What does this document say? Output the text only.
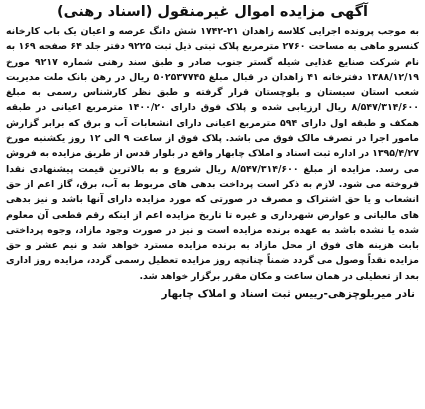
آگهی مزایده اموال غیرمنقول (اسناد رهنی)

به موجب پرونده اجرایی کلاسه زاهدان ۲۱-۱۷۴۲ شش دانگ عرصه و اعیان یک باب کارخانه کنسرو ماهی به مساحت ۲۷۶۰ مترمربع پلاک ثبتی ذیل ثبت ۹۲۲۵ دفتر جلد ۶۴ صفحه ۱۶۹ به نام شرکت صنایع غذایی شیله گستر جنوب صادر و طبق سند رهنی شماره ۹۲۱۷ مورخ ۱۳۸۸/۱۲/۱۹ دفترخانه ۴۱ زاهدان در قبال مبلغ ۵۰۲۵۳۷۷۴۵ ریال در رهن بانک ملت مدیریت شعب استان سیستان و بلوچستان قرار گرفته و طبق نظر کارشناس رسمی به مبلغ ۸/۵۴۷/۳۱۴/۶۰۰ ریال ارزیابی شده و پلاک فوق دارای ۱۴۰۰/۲۰ مترمربع اعیانی در طبقه همکف و طبقه اول دارای ۵۹۴ مترمربع اعیانی دارای انشعابات آب و برق که برابر گزارش مامور اجرا در تصرف مالک فوق می باشد. پلاک فوق از ساعت ۹ الی ۱۲ روز یکشنبه مورخ ۱۳۹۵/۴/۲۷ در اداره ثبت اسناد و املاک چابهار واقع در بلوار قدس از طریق مزایده به فروش می رسد. مزایده از مبلغ ۸/۵۴۷/۳۱۴/۶۰۰ ریال شروع و به بالاترین قیمت پیشنهادی نقدا فروخته می شود. لازم به ذکر است پرداخت بدهی های مربوط به آب، برق، گاز اعم از حق انشعاب و یا حق اشتراک و مصرف در صورتی که مورد مزایده دارای آنها باشد و نیز بدهی های مالیاتی و عوارض شهرداری و غیره تا تاریخ مزایده اعم از اینکه رقم قطعی آن معلوم شده یا نشده باشد به عهده برنده مزایده است و نیز در صورت وجود مازاد، وجوه پرداختی بابت هزینه های فوق از محل مازاد به برنده مزایده مسترد خواهد شد و نیم عشر و حق مزایده نقداً وصول می گردد ضمناً چنانچه روز مزایده تعطیل رسمی گردد، مزایده روز اداری بعد از تعطیلی در همان ساعت و مکان مقرر برگزار خواهد شد.

نادر میربلوچزهی-رییس ثبت اسناد و املاک چابهار
